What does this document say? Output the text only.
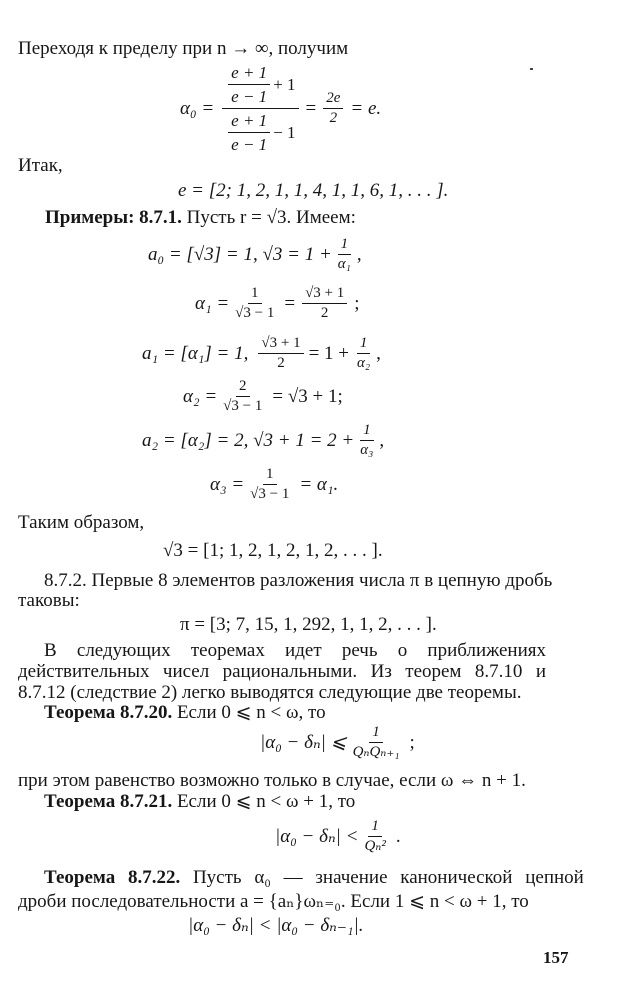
Переходя к пределу при n → ∞, получим
$\alpha_0 = \frac{\frac{e + 1}{e - 1} + 1}{\frac{e + 1}{e - 1} - 1} = \frac{2e}{2} = e$.
Итак,
e = [2; 1, 2, 1, 1, 4, 1, 1, 6, 1, . . . ].
Примеры: 8.7.1. Пусть r = √3. Имеем:
a₀ = [√3] = 1, $√3 = 1 + \frac{1}{\text{α₁}}$ ,
$\alpha_1 = \frac{1}{√3 - 1} = \frac{√3 + 1}{2}$ ;
a₁ = [α₁] = 1, $\frac{√3 + 1}{2} = 1 + \frac{1}{\text{α₂}}$ ,
$\alpha_2 = \frac{2}{√3 - 1} = √3 + 1$;
a₂ = [α₂] = 2, $√3 + 1 = 2 + \frac{1}{\text{α₃}}$ ,
$\alpha_3 = \frac{1}{√3 - 1} = \alpha_1$.
Таким образом,
√3 = [1; 1, 2, 1, 2, 1, 2, . . . ].
8.7.2. Первые 8 элементов разложения числа π в цепную дробь
таковы:
π = [3; 7, 15, 1, 292, 1, 1, 2, . . . ].
В следующих теоремах идет речь о приближениях действительных чисел рациональными. Из теорем 8.7.10 и 8.7.12 (следствие 2) легко выводятся следующие две теоремы.
Теорема 8.7.20. Если 0 ⩽ n < ω, то
|α₀ − δₙ| ⩽ $\frac{1}{\text{QₙQₙ₊₁}}$ ;
при этом равенство возможно только в случае, если ω ⇔ n + 1.
Теорема 8.7.21. Если 0 ⩽ n < ω + 1, то
$|\alpha_0 - \delta_n| < \frac{1}{\text{Qₙ²}}$ .
Теорема 8.7.22. Пусть α₀ — значение канонической цепной
дроби последовательности a = {aₙ}ωₙ₌₀. Если 1 ⩽ n < ω + 1, то
|α₀ − δₙ| < |α₀ − δₙ₋₁|.
157
